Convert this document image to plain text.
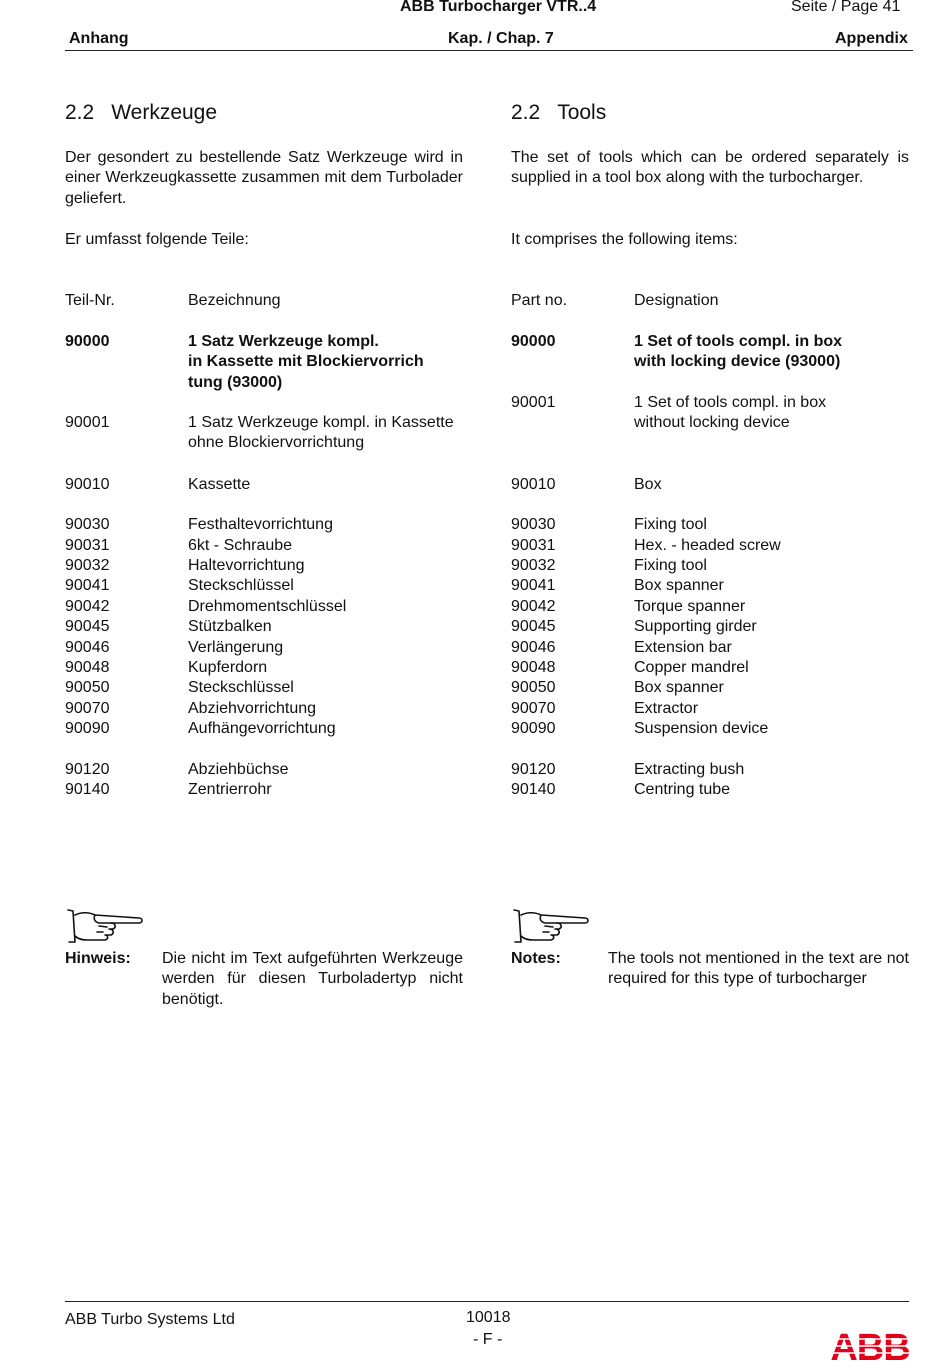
ABB Turbocharger VTR..4	Seite / Page 41
Anhang	Kap. / Chap. 7	Appendix
2.2 Werkzeuge
Der gesondert zu bestellende Satz Werkzeuge wird in einer Werkzeugkassette zusammen mit dem Turbolader geliefert.
Er umfasst folgende Teile:
Teil-Nr.	Bezeichnung
2.2 Tools
The set of tools which can be ordered separately is supplied in a tool box along with the turbocharger.
It comprises the following items:
Part no.	Designation
90000	1 Satz Werkzeuge kompl.
in Kassette mit Blockiervorrich
tung (93000)
90001	1 Satz Werkzeuge kompl. in Kassette
ohne Blockiervorrichtung
90010	Kassette
90030	Festhaltevorrichtung
90031	6kt - Schraube
90032	Haltevorrichtung
90041	Steckschlüssel
90042	Drehmomentschlüssel
90045	Stützbalken
90046	Verlängerung
90048	Kupferdorn
90050	Steckschlüssel
90070	Abziehvorrichtung
90090	Aufhängevorrichtung
90120	Abziehbüchse
90140	Zentrierrohr
90000	1 Set of tools compl. in box
with locking device (93000)
90001	1 Set of tools compl. in box
without locking device
90010	Box
90030	Fixing tool
90031	Hex. - headed screw
90032	Fixing tool
90041	Box spanner
90042	Torque spanner
90045	Supporting girder
90046	Extension bar
90048	Copper mandrel
90050	Box spanner
90070	Extractor
90090	Suspension device
90120	Extracting bush
90140	Centring tube
Hinweis: Die nicht im Text aufgeführten Werkzeuge werden für diesen Turboladertyp nicht benötigt.
Notes:	The tools not mentioned in the text are not required for this type of turbocharger
ABB Turbo Systems Ltd	10018
- F -	ABB
